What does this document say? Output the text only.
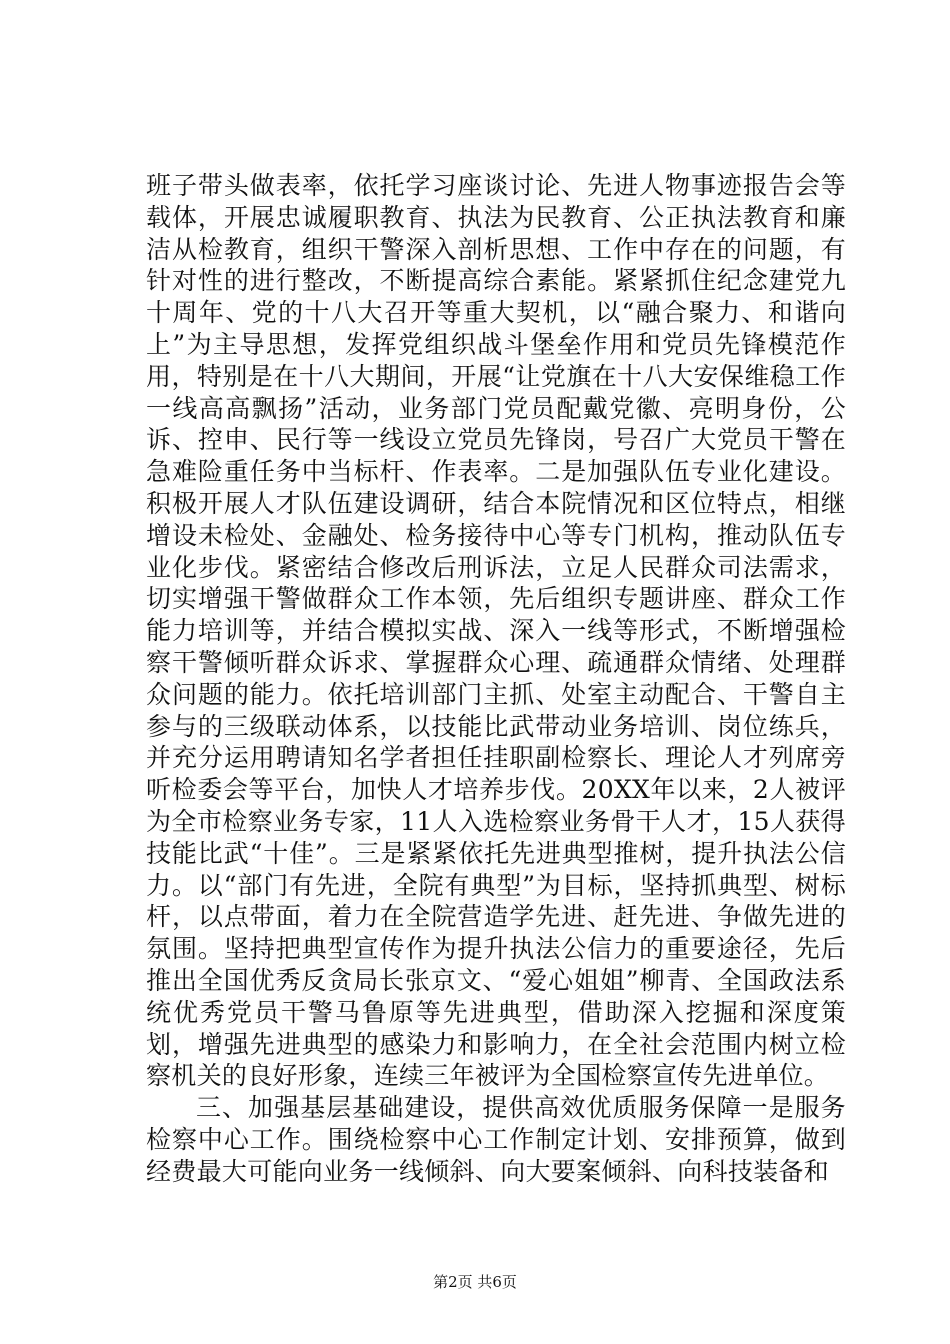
班子带头做表率，依托学习座谈讨论、先进人物事迹报告会等载体，开展忠诚履职教育、执法为民教育、公正执法教育和廉洁从检教育，组织干警深入剖析思想、工作中存在的问题，有针对性的进行整改，不断提高综合素能。紧紧抓住纪念建党九十周年、党的十八大召开等重大契机，以“融合聚力、和谐向上”为主导思想，发挥党组织战斗堡垒作用和党员先锋模范作用，特别是在十八大期间，开展“让党旗在十八大安保维稳工作一线高高飘扬”活动，业务部门党员配戴党徽、亮明身份，公诉、控申、民行等一线设立党员先锋岗，号召广大党员干警在急难险重任务中当标杆、作表率。二是加强队伍专业化建设。积极开展人才队伍建设调研，结合本院情况和区位特点，相继增设未检处、金融处、检务接待中心等专门机构，推动队伍专业化步伐。紧密结合修改后刑诉法，立足人民群众司法需求，切实增强干警做群众工作本领，先后组织专题讲座、群众工作能力培训等，并结合模拟实战、深入一线等形式，不断增强检察干警倾听群众诉求、掌握群众心理、疏通群众情绪、处理群众问题的能力。依托培训部门主抓、处室主动配合、干警自主参与的三级联动体系，以技能比武带动业务培训、岗位练兵，并充分运用聘请知名学者担任挂职副检察长、理论人才列席旁听检委会等平台，加快人才培养步伐。20XX年以来，2人被评为全市检察业务专家，11人入选检察业务骨干人才，15人获得技能比武“十佳”。三是紧紧依托先进典型推树，提升执法公信力。以“部门有先进，全院有典型”为目标，坚持抓典型、树标杆，以点带面，着力在全院营造学先进、赶先进、争做先进的氛围。坚持把典型宣传作为提升执法公信力的重要途径，先后推出全国优秀反贪局长张京文、“爱心姐姐”柳青、全国政法系统优秀党员干警马鲁原等先进典型，借助深入挖掘和深度策划，增强先进典型的感染力和影响力，在全社会范围内树立检察机关的良好形象，连续三年被评为全国检察宣传先进单位。

三、加强基层基础建设，提供高效优质服务保障一是服务检察中心工作。围绕检察中心工作制定计划、安排预算，做到经费最大可能向业务一线倾斜、向大要案倾斜、向科技装备和

第2页 共6页
